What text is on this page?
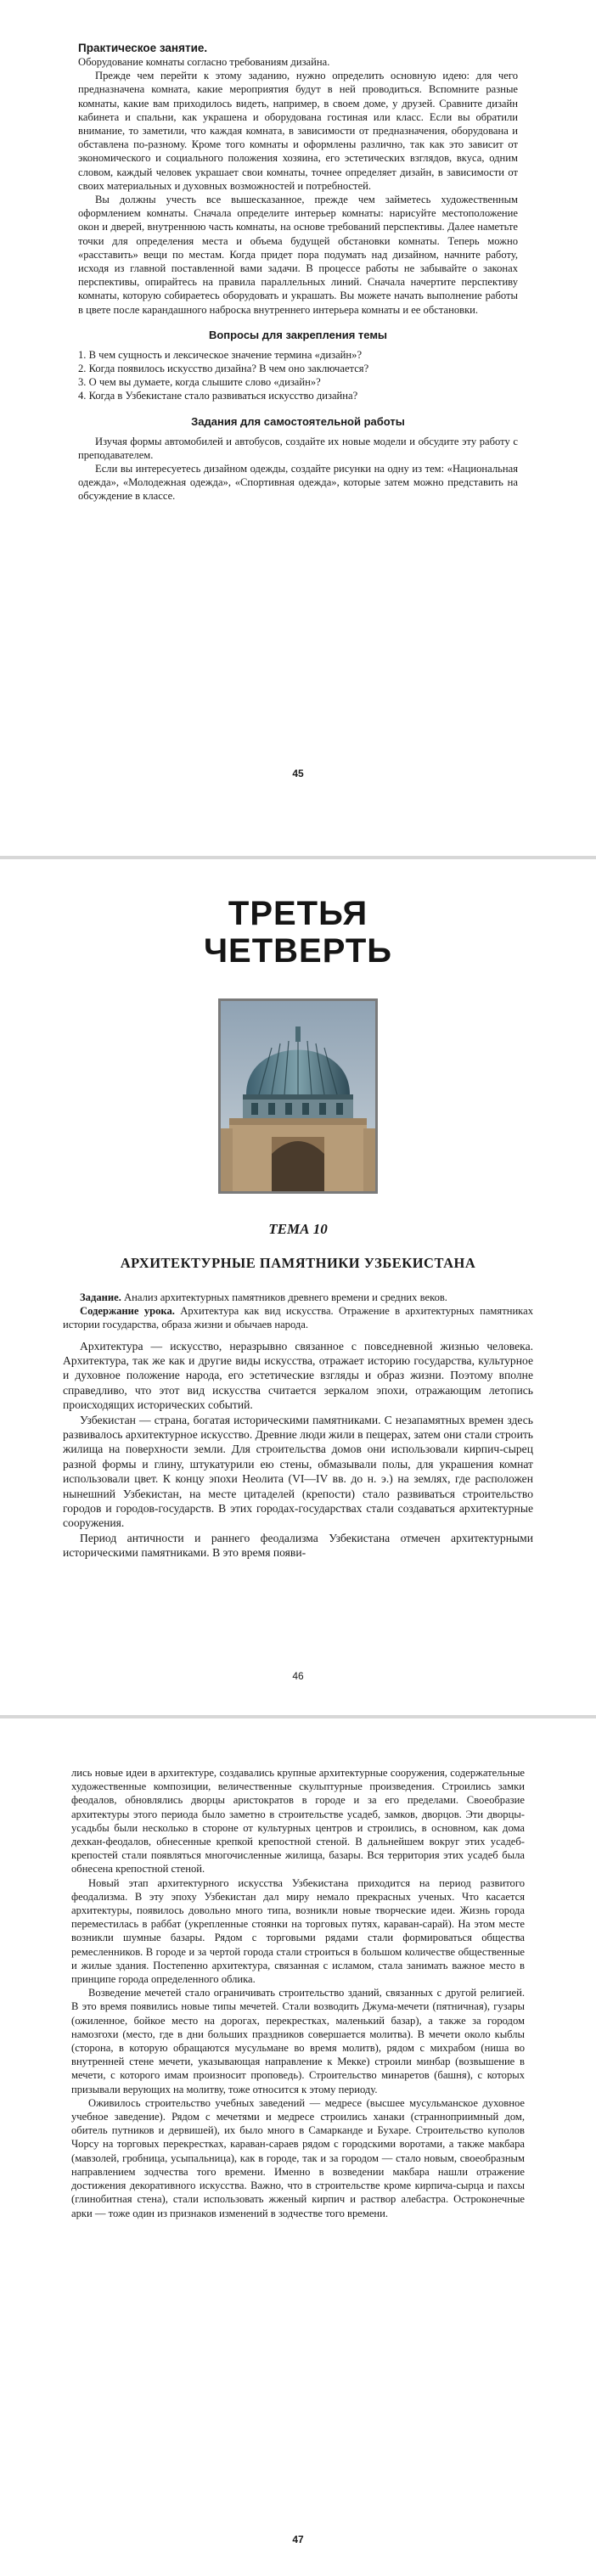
Практическое занятие.

Оборудование комнаты согласно требованиям дизайна.

Прежде чем перейти к этому заданию, нужно определить основную идею: для чего предназначена комната, какие мероприятия будут в ней проводиться. Вспомните разные комнаты, какие вам приходилось видеть, например, в своем доме, у друзей. Сравните дизайн кабинета и спальни, как украшена и оборудована гостиная или класс. Если вы обратили внимание, то заметили, что каждая комната, в зависимости от предназначения, оборудована и обставлена по-разному. Кроме того комнаты и оформлены различно, так как это зависит от экономического и социального положения хозяина, его эстетических взглядов, вкуса, одним словом, каждый человек украшает свои комнаты, точнее определяет дизайн, в зависимости от своих материальных и духовных возможностей и потребностей.

Вы должны учесть все вышесказанное, прежде чем займетесь художественным оформлением комнаты. Сначала определите интерьер комнаты: нарисуйте местоположение окон и дверей, внутреннюю часть комнаты, на основе требований перспективы. Далее наметьте точки для определения места и объема будущей обстановки комнаты. Теперь можно «расставить» вещи по местам. Когда придет пора подумать над дизайном, начните работу, исходя из главной поставленной вами задачи. В процессе работы не забывайте о законах перспективы, опирайтесь на правила параллельных линий. Сначала начертите перспективу комнаты, которую собираетесь оборудовать и украшать. Вы можете начать выполнение работы в цвете после карандашного наброска внутреннего интерьера комнаты и ее обстановки.

Вопросы для закрепления темы
1. В чем сущность и лексическое значение термина «дизайн»?
2. Когда появилось искусство дизайна? В чем оно заключается?
3. О чем вы думаете, когда слышите слово «дизайн»?
4. Когда в Узбекистане стало развиваться искусство дизайна?
Задания для самостоятельной работы

Изучая формы автомобилей и автобусов, создайте их новые модели и обсудите эту работу с преподавателем.

Если вы интересуетесь дизайном одежды, создайте рисунки на одну из тем: «Национальная одежда», «Молодежная одежда», «Спортивная одежда», которые затем можно представить на обсуждение в классе.

45
ТРЕТЬЯ
ЧЕТВЕРТЬ
ТЕМА 10
АРХИТЕКТУРНЫЕ ПАМЯТНИКИ УЗБЕКИСТАНА

Задание. Анализ архитектурных памятников древнего времени и средних веков.

Содержание урока. Архитектура как вид искусства. Отражение в архитектурных памятниках истории государства, образа жизни и обычаев народа.

Архитектура — искусство, неразрывно связанное с повседневной жизнью человека. Архитектура, так же как и другие виды искусства, отражает историю государства, культурное и духовное положение народа, его эстетические взгляды и образ жизни. Поэтому вполне справедливо, что этот вид искусства считается зеркалом эпохи, отражающим летопись происходящих исторических событий.

Узбекистан — страна, богатая историческими памятниками. С незапамятных времен здесь развивалось архитектурное искусство. Древние люди жили в пещерах, затем они стали строить жилища на поверхности земли. Для строительства домов они использовали кирпич-сырец разной формы и глину, штукатурили ею стены, обмазывали полы, для украшения комнат использовали цвет. К концу эпохи Неолита (VI—IV вв. до н. э.) на землях, где расположен нынешний Узбекистан, на месте цитаделей (крепости) стало развиваться строительство городов и городов-государств. В этих городах-государствах стали создаваться архитектурные сооружения.

Период античности и раннего феодализма Узбекистана отмечен архитектурными историческими памятниками. В это время появи-

46

лись новые идеи в архитектуре, создавались крупные архитектурные сооружения, содержательные художественные композиции, величественные скульптурные произведения. Строились замки феодалов, обновлялись дворцы аристократов в городе и за его пределами. Своеобразие архитектуры этого периода было заметно в строительстве усадеб, замков, дворцов. Эти дворцы-усадьбы были несколько в стороне от культурных центров и строились, в основном, как дома дехкан-феодалов, обнесенные крепкой крепостной стеной. В дальнейшем вокруг этих усадеб-крепостей стали появляться многочисленные жилища, базары. Вся территория этих усадеб была обнесена крепостной стеной.

Новый этап архитектурного искусства Узбекистана приходится на период развитого феодализма. В эту эпоху Узбекистан дал миру немало прекрасных ученых. Что касается архитектуры, появилось довольно много типа, возникли новые творческие идеи. Жизнь города переместилась в раббат (укрепленные стоянки на торговых путях, караван-сарай). На этом месте возникли шумные базары. Рядом с торговыми рядами стали формироваться общества ремесленников. В городе и за чертой города стали строиться в большом количестве общественные и жилые здания. Постепенно архитектура, связанная с исламом, стала занимать важное место в принципе города определенного облика.

Возведение мечетей стало ограничивать строительство зданий, связанных с другой религией. В это время появились новые типы мечетей. Стали возводить Джума-мечети (пятничная), гузары (ожиленное, бойкое место на дорогах, перекрестках, маленький базар), а также за городом намозгохи (место, где в дни больших праздников совершается молитва). В мечети около кыблы (сторона, в которую обращаются мусульмане во время молитв), рядом с михрабом (ниша во внутренней стене мечети, указывающая направление к Мекке) строили минбар (возвышение в мечети, с которого имам произносит проповедь). Строительство минаретов (башня), с которых призывали верующих на молитву, тоже относится к этому периоду.

Оживилось строительство учебных заведений — медресе (высшее мусульманское духовное учебное заведение). Рядом с мечетями и медресе строились ханаки (странноприимный дом, обитель путников и дервишей), их было много в Самарканде и Бухаре. Строительство куполов Чорсу на торговых перекрестках, караван-сараев рядом с городскими воротами, а также макбара (мавзолей, гробница, усыпальница), как в городе, так и за городом — стало новым, своеобразным направлением зодчества того времени. Именно в возведении макбара нашли отражение достижения декоративного искусства. Важно, что в строительстве кроме кирпича-сырца и пахсы (глинобитная стена), стали использовать жженый кирпич и раствор алебастра. Остроконечные арки — тоже один из признаков изменений в зодчестве того времени.

47
